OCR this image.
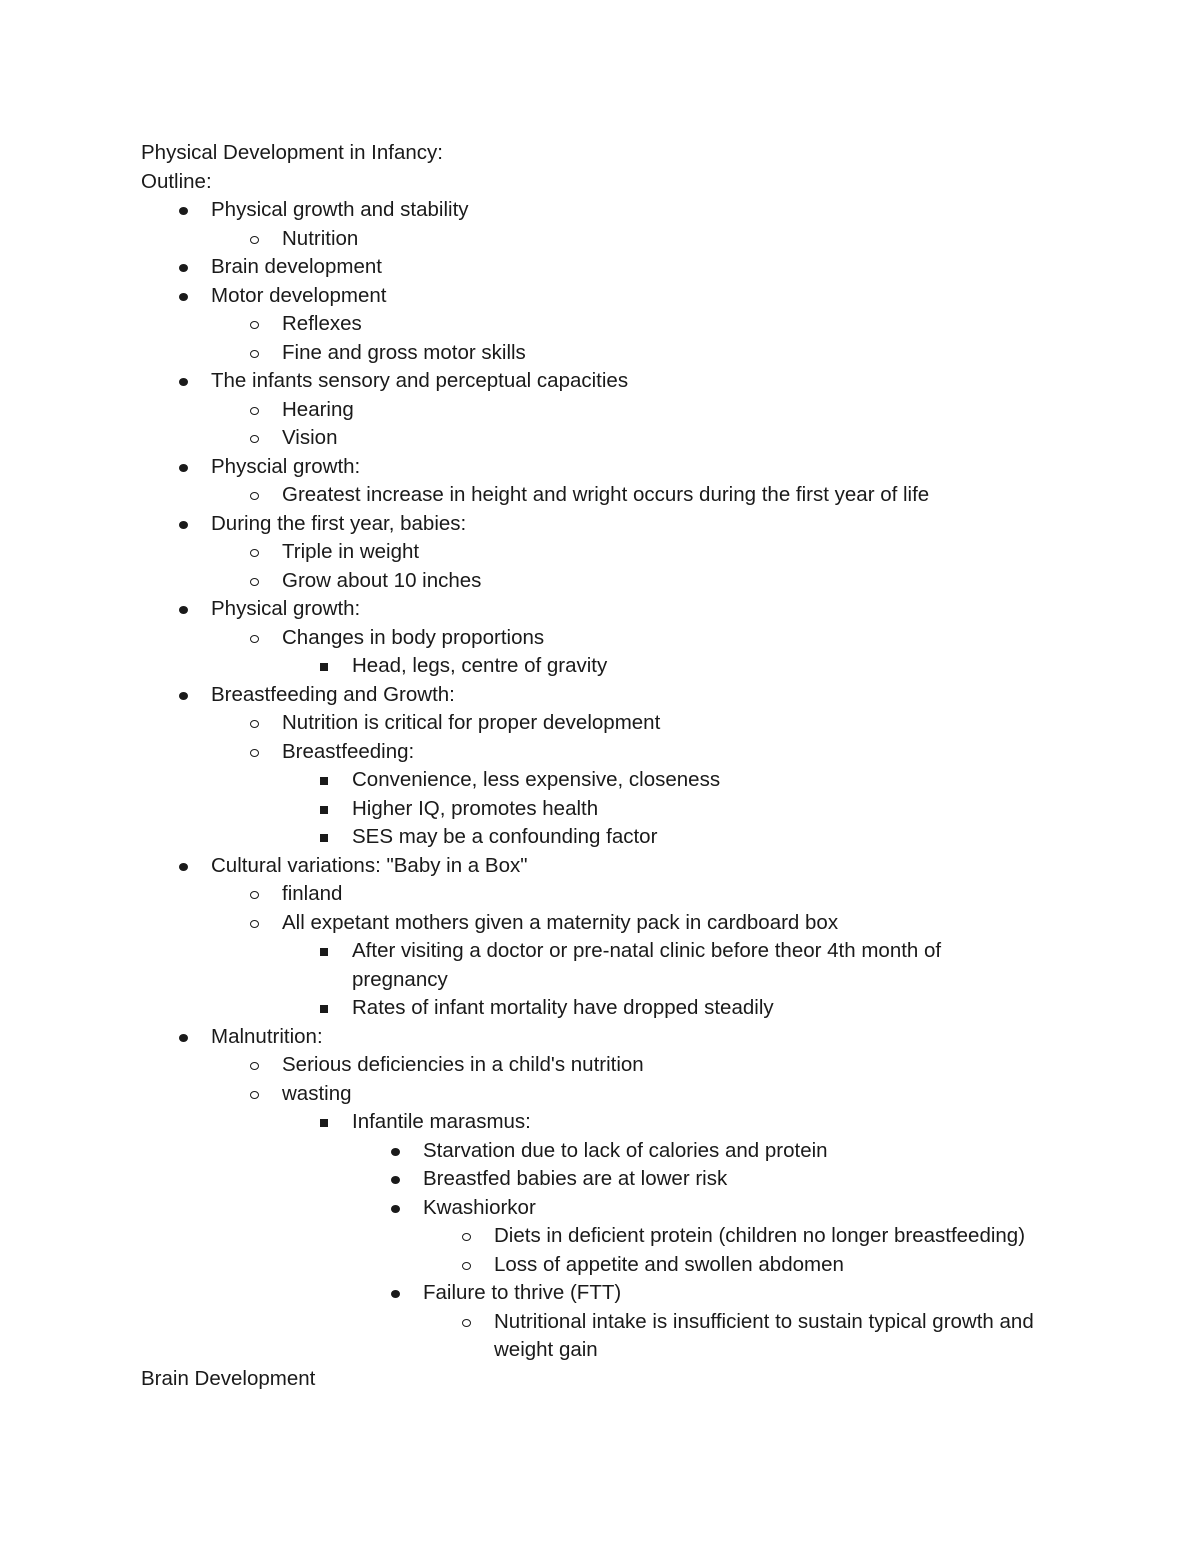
Physical Development in Infancy:
Outline:
Physical growth and stability
Nutrition
Brain development
Motor development
Reflexes
Fine and gross motor skills
The infants sensory and perceptual capacities
Hearing
Vision
Physcial growth:
Greatest increase in height and wright occurs during the first year of life
During the first year, babies:
Triple in weight
Grow about 10 inches
Physical growth:
Changes in body proportions
Head, legs, centre of gravity
Breastfeeding and Growth:
Nutrition is critical for proper development
Breastfeeding:
Convenience, less expensive, closeness
Higher IQ, promotes health
SES may be a confounding factor
Cultural variations: "Baby in a Box"
finland
All expetant mothers given a maternity pack in cardboard box
After visiting a doctor or pre-natal clinic before theor 4th month of pregnancy
Rates of infant mortality have dropped steadily
Malnutrition:
Serious deficiencies in a child's nutrition
wasting
Infantile marasmus:
Starvation due to lack of calories and protein
Breastfed babies are at lower risk
Kwashiorkor
Diets in deficient protein (children no longer breastfeeding)
Loss of appetite and swollen abdomen
Failure to thrive (FTT)
Nutritional intake is insufficient to sustain typical growth and weight gain
Brain Development
